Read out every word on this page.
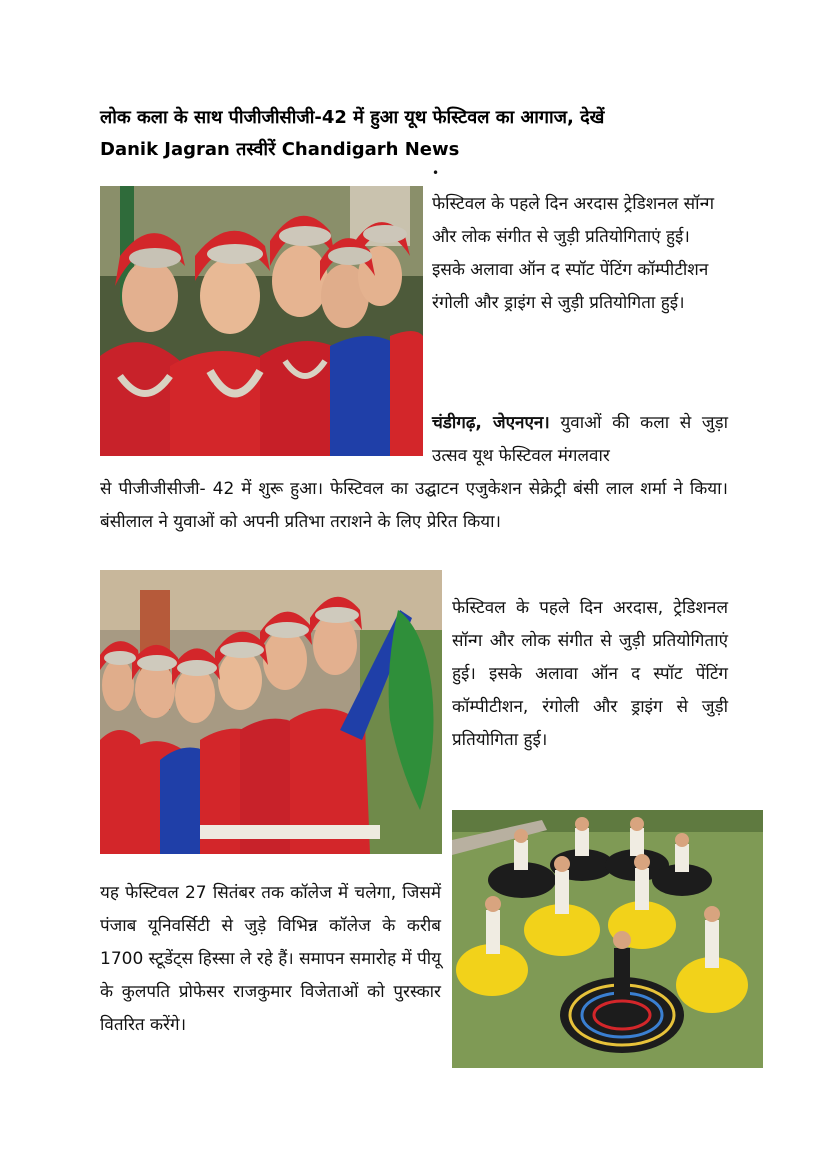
लोक कला के साथ पीजीजीसीजी-42 में हुआ यूथ फेस्टिवल का आगाज, देखें
Danik Jagran तस्वीरें Chandigarh News
•
फेस्टिवल के पहले दिन अरदास ट्रेडिशनल सॉन्ग और लोक संगीत से जुड़ी प्रतियोगिताएं हुई। इसके अलावा ऑन द स्पॉट पेंटिंग कॉम्पीटीशन रंगोली और ड्राइंग से जुड़ी प्रतियोगिता हुई।
चंडीगढ़, जेएनएन। युवाओं की कला से जुड़ा उत्सव यूथ फेस्टिवल मंगलवार
से पीजीजीसीजी- 42 में शुरू हुआ। फेस्टिवल का उद्घाटन एजुकेशन सेक्रेट्री बंसी लाल शर्मा ने किया। बंसीलाल ने युवाओं को अपनी प्रतिभा तराशने के लिए प्रेरित किया।
फेस्टिवल के पहले दिन अरदास, ट्रेडिशनल सॉन्ग और लोक संगीत से जुड़ी प्रतियोगिताएं हुई। इसके अलावा ऑन द स्पॉट पेंटिंग कॉम्पीटीशन, रंगोली और ड्राइंग से जुड़ी प्रतियोगिता हुई।
यह फेस्टिवल 27 सितंबर तक कॉलेज में चलेगा, जिसमें पंजाब यूनिवर्सिटी से जुड़े विभिन्न कॉलेज के करीब 1700 स्टूडेंट्स हिस्सा ले रहे हैं। समापन समारोह में पीयू के कुलपति प्रोफेसर राजकुमार विजेताओं को पुरस्कार वितरित करेंगे।
